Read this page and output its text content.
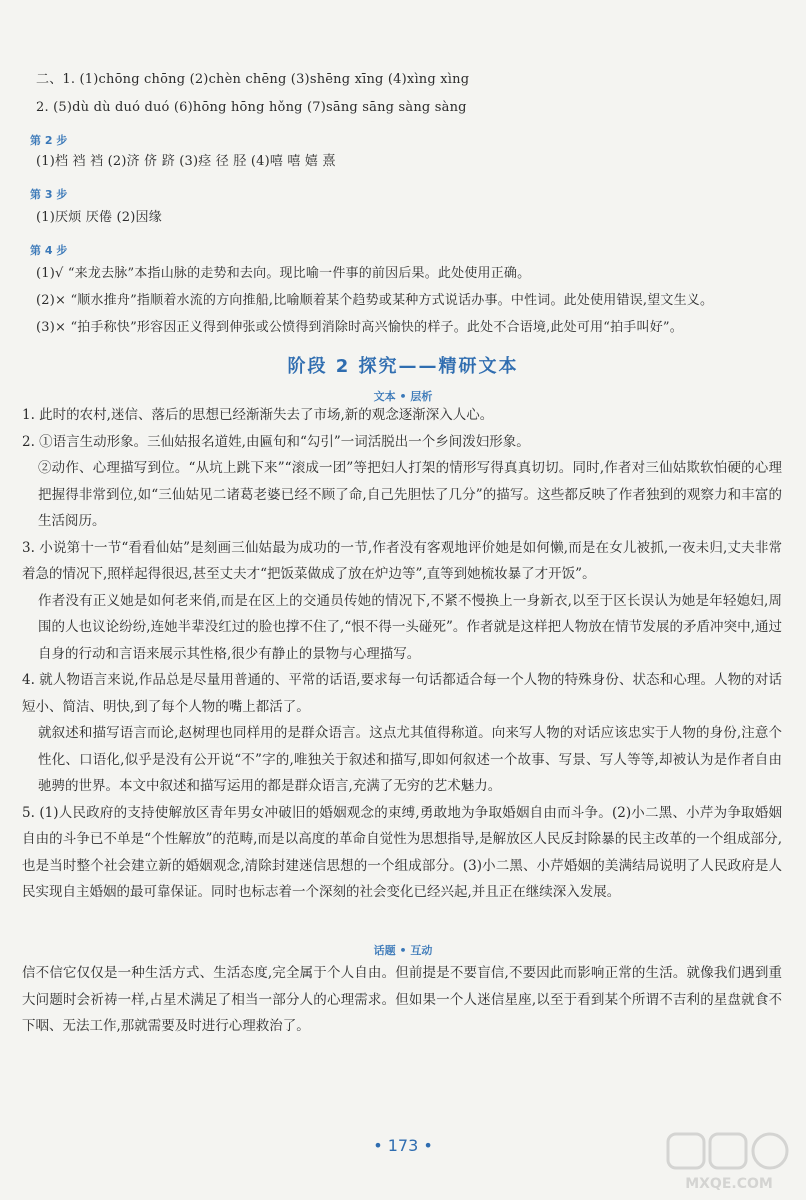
二、1. (1)chōng chōng (2)chèn chēng (3)shēng xīng (4)xìng xìng
2. (5)dù dù duó duó (6)hōng hōng hǒng (7)sāng sāng sàng sàng
第 2 步
(1)档 裆 裆 (2)济 侪 跻 (3)痉 径 胫 (4)嘻 嘻 嬉 熹
第 3 步
(1)厌烦 厌倦 (2)因缘
第 4 步
(1)√ “来龙去脉”本指山脉的走势和去向。现比喻一件事的前因后果。此处使用正确。
(2)× “顺水推舟”指顺着水流的方向推船,比喻顺着某个趋势或某种方式说话办事。中性词。此处使用错误,望文生义。
(3)× “拍手称快”形容因正义得到伸张或公愤得到消除时高兴愉快的样子。此处不合语境,此处可用“拍手叫好”。
阶段 2 探究——精研文本
文本 • 层析

1. 此时的农村,迷信、落后的思想已经渐渐失去了市场,新的观念逐渐深入人心。

2. ①语言生动形象。三仙姑报名道姓,由匾旬和“勾引”一词活脱出一个乡间泼妇形象。

②动作、心理描写到位。“从坑上跳下来”“滚成一团”等把妇人打架的情形写得真真切切。同时,作者对三仙姑欺软怕硬的心理把握得非常到位,如“三仙姑见二诸葛老婆已经不顾了命,自己先胆怯了几分”的描写。这些都反映了作者独到的观察力和丰富的生活阅历。

3. 小说第十一节“看看仙姑”是刻画三仙姑最为成功的一节,作者没有客观地评价她是如何懒,而是在女儿被抓,一夜未归,丈夫非常着急的情况下,照样起得很迟,甚至丈夫才“把饭菜做成了放在炉边等”,直等到她梳妆暴了才开饭”。

作者没有正义她是如何老来俏,而是在区上的交通员传她的情况下,不紧不慢换上一身新衣,以至于区长误认为她是年轻媳妇,周围的人也议论纷纷,连她半辈没红过的脸也撑不住了,“恨不得一头碰死”。作者就是这样把人物放在情节发展的矛盾冲突中,通过自身的行动和言语来展示其性格,很少有静止的景物与心理描写。

4. 就人物语言来说,作品总是尽量用普通的、平常的话语,要求每一句话都适合每一个人物的特殊身份、状态和心理。人物的对话短小、简洁、明快,到了每个人物的嘴上都活了。

就叙述和描写语言而论,赵树理也同样用的是群众语言。这点尤其值得称道。向来写人物的对话应该忠实于人物的身份,注意个性化、口语化,似乎是没有公开说“不”字的,唯独关于叙述和描写,即如何叙述一个故事、写景、写人等等,却被认为是作者自由驰骋的世界。本文中叙述和描写运用的都是群众语言,充满了无穷的艺术魅力。

5. (1)人民政府的支持使解放区青年男女冲破旧的婚姻观念的束缚,勇敢地为争取婚姻自由而斗争。(2)小二黑、小芹为争取婚姻自由的斗争已不单是“个性解放”的范畴,而是以高度的革命自觉性为思想指导,是解放区人民反封除暴的民主改革的一个组成部分,也是当时整个社会建立新的婚姻观念,清除封建迷信思想的一个组成部分。(3)小二黑、小芹婚姻的美满结局说明了人民政府是人民实现自主婚姻的最可靠保证。同时也标志着一个深刻的社会变化已经兴起,并且正在继续深入发展。

话题 • 互动
信不信它仅仅是一种生活方式、生活态度,完全属于个人自由。但前提是不要盲信,不要因此而影响正常的生活。就像我们遇到重大问题时会祈祷一样,占星术满足了相当一部分人的心理需求。但如果一个人迷信星座,以至于看到某个所谓不吉利的星盘就食不下咽、无法工作,那就需要及时进行心理救治了。
• 173 •
MXQE.COM
